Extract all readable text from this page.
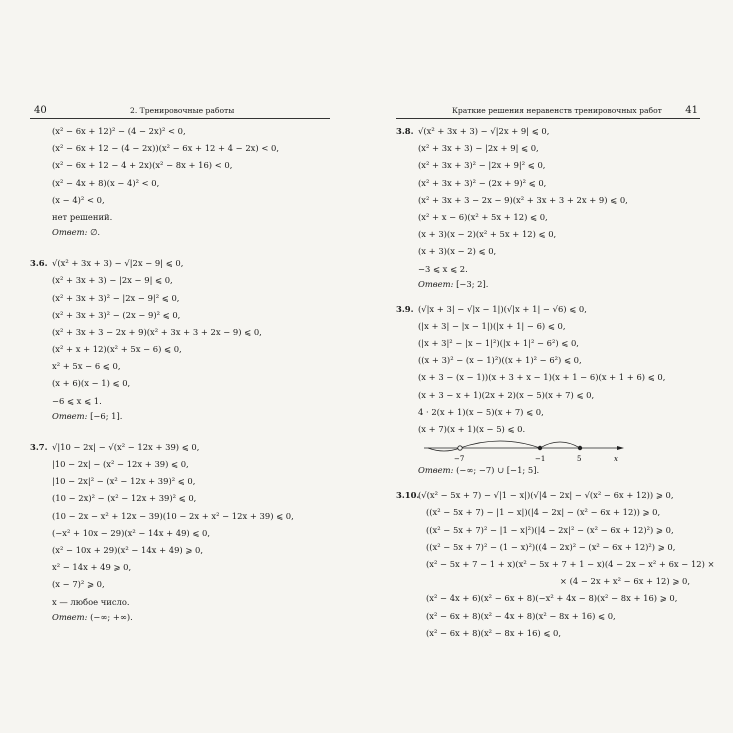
40	2. Тренировочные работы
(x² − 6x + 12)² − (4 − 2x)² < 0,
(x² − 6x + 12 − (4 − 2x))(x² − 6x + 12 + 4 − 2x) < 0,
(x² − 6x + 12 − 4 + 2x)(x² − 8x + 16) < 0,
(x² − 4x + 8)(x − 4)² < 0,
(x − 4)² < 0,
нет решений.
Ответ: ∅.
3.6. √(x² + 3x + 3) − √|2x − 9| ⩽ 0,
(x² + 3x + 3) − |2x − 9| ⩽ 0,
(x² + 3x + 3)² − |2x − 9|² ⩽ 0,
(x² + 3x + 3)² − (2x − 9)² ⩽ 0,
(x² + 3x + 3 − 2x + 9)(x² + 3x + 3 + 2x − 9) ⩽ 0,
(x² + x + 12)(x² + 5x − 6) ⩽ 0,
x² + 5x − 6 ⩽ 0,
(x + 6)(x − 1) ⩽ 0,
−6 ⩽ x ⩽ 1.
Ответ: [−6; 1].
3.7. √|10 − 2x| − √(x² − 12x + 39) ⩽ 0,
|10 − 2x| − (x² − 12x + 39) ⩽ 0,
|10 − 2x|² − (x² − 12x + 39)² ⩽ 0,
(10 − 2x)² − (x² − 12x + 39)² ⩽ 0,
(10 − 2x − x² + 12x − 39)(10 − 2x + x² − 12x + 39) ⩽ 0,
(−x² + 10x − 29)(x² − 14x + 49) ⩽ 0,
(x² − 10x + 29)(x² − 14x + 49) ⩾ 0,
x² − 14x + 49 ⩾ 0,
(x − 7)² ⩾ 0,
x — любое число.
Ответ: (−∞; +∞).
Краткие решения неравенств тренировочных работ 41
3.8. √(x² + 3x + 3) − √|2x + 9| ⩽ 0,
(x² + 3x + 3) − |2x + 9| ⩽ 0,
(x² + 3x + 3)² − |2x + 9|² ⩽ 0,
(x² + 3x + 3)² − (2x + 9)² ⩽ 0,
(x² + 3x + 3 − 2x − 9)(x² + 3x + 3 + 2x + 9) ⩽ 0,
(x² + x − 6)(x² + 5x + 12) ⩽ 0,
(x + 3)(x − 2)(x² + 5x + 12) ⩽ 0,
(x + 3)(x − 2) ⩽ 0,
−3 ⩽ x ⩽ 2.
Ответ: [−3; 2].
3.9. (√|x + 3| − √|x − 1|)(√|x + 1| − √6) ⩽ 0,
(|x + 3| − |x − 1|)(|x + 1| − 6) ⩽ 0,
(|x + 3|² − |x − 1|²)(|x + 1|² − 6²) ⩽ 0,
((x + 3)² − (x − 1)²)((x + 1)² − 6²) ⩽ 0,
(x + 3 − (x − 1))(x + 3 + x − 1)(x + 1 − 6)(x + 1 + 6) ⩽ 0,
(x + 3 − x + 1)(2x + 2)(x − 5)(x + 7) ⩽ 0,
4 · 2(x + 1)(x − 5)(x + 7) ⩽ 0,
(x + 7)(x + 1)(x − 5) ⩽ 0.
−7	−1	5	x
Ответ: (−∞; −7) ∪ [−1; 5].
3.10.(√(x² − 5x + 7) − √|1 − x|)(√|4 − 2x| − √(x² − 6x + 12)) ⩾ 0,
((x² − 5x + 7) − |1 − x|)(|4 − 2x| − (x² − 6x + 12)) ⩾ 0,
((x² − 5x + 7)² − |1 − x|²)(|4 − 2x|² − (x² − 6x + 12)²) ⩾ 0,
((x² − 5x + 7)² − (1 − x)²)((4 − 2x)² − (x² − 6x + 12)²) ⩾ 0,
(x² − 5x + 7 − 1 + x)(x² − 5x + 7 + 1 − x)(4 − 2x − x² + 6x − 12) ×
× (4 − 2x + x² − 6x + 12) ⩾ 0,
(x² − 4x + 6)(x² − 6x + 8)(−x² + 4x − 8)(x² − 8x + 16) ⩾ 0,
(x² − 6x + 8)(x² − 4x + 8)(x² − 8x + 16) ⩽ 0,
(x² − 6x + 8)(x² − 8x + 16) ⩽ 0,
